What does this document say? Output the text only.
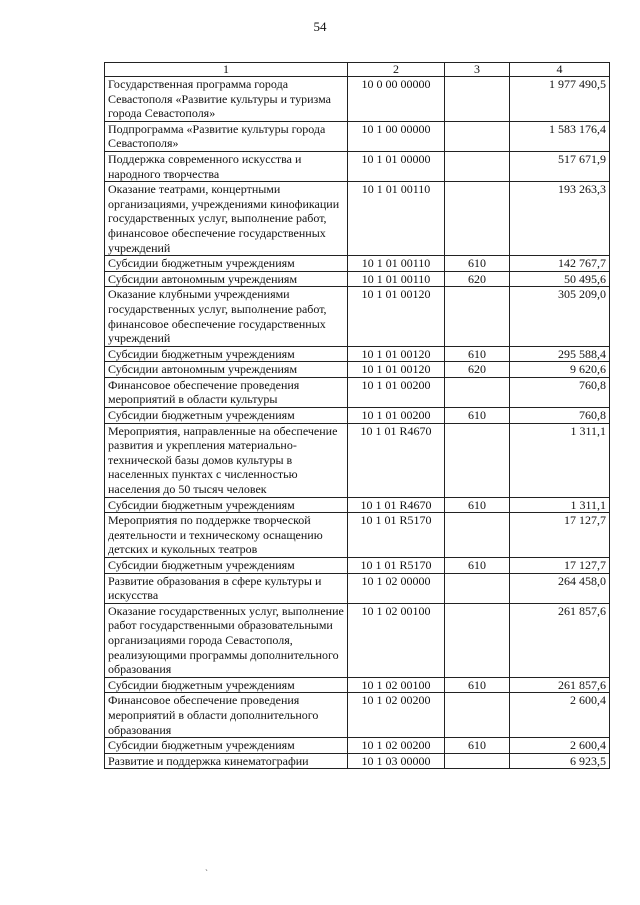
54
1	2	3	4
Государственная программа города Севастополя «Развитие культуры и туризма города Севастополя»	10 0 00 00000		1 977 490,5
Подпрограмма «Развитие культуры города Севастополя»	10 1 00 00000		1 583 176,4
Поддержка современного искусства и народного творчества	10 1 01 00000		517 671,9
Оказание театрами, концертными организациями, учреждениями кинофикации государственных услуг, выполнение работ, финансовое обеспечение государственных учреждений	10 1 01 00110		193 263,3
Субсидии бюджетным учреждениям	10 1 01 00110	610	142 767,7
Субсидии автономным учреждениям	10 1 01 00110	620	50 495,6
Оказание клубными учреждениями государственных услуг, выполнение работ, финансовое обеспечение государственных учреждений	10 1 01 00120		305 209,0
Субсидии бюджетным учреждениям	10 1 01 00120	610	295 588,4
Субсидии автономным учреждениям	10 1 01 00120	620	9 620,6
Финансовое обеспечение проведения мероприятий в области культуры	10 1 01 00200		760,8
Субсидии бюджетным учреждениям	10 1 01 00200	610	760,8
Мероприятия, направленные на обеспечение развития и укрепления материально-технической базы домов культуры в населенных пунктах с численностью населения до 50 тысяч человек	10 1 01 R4670		1 311,1
Субсидии бюджетным учреждениям	10 1 01 R4670	610	1 311,1
Мероприятия по поддержке творческой деятельности и техническому оснащению детских и кукольных театров	10 1 01 R5170		17 127,7
Субсидии бюджетным учреждениям	10 1 01 R5170	610	17 127,7
Развитие образования в сфере культуры и искусства	10 1 02 00000		264 458,0
Оказание государственных услуг, выполнение работ государственными образовательными организациями города Севастополя, реализующими программы дополнительного образования	10 1 02 00100		261 857,6
Субсидии бюджетным учреждениям	10 1 02 00100	610	261 857,6
Финансовое обеспечение проведения мероприятий в области дополнительного образования	10 1 02 00200		2 600,4
Субсидии бюджетным учреждениям	10 1 02 00200	610	2 600,4
Развитие и поддержка кинематографии	10 1 03 00000		6 923,5
`
